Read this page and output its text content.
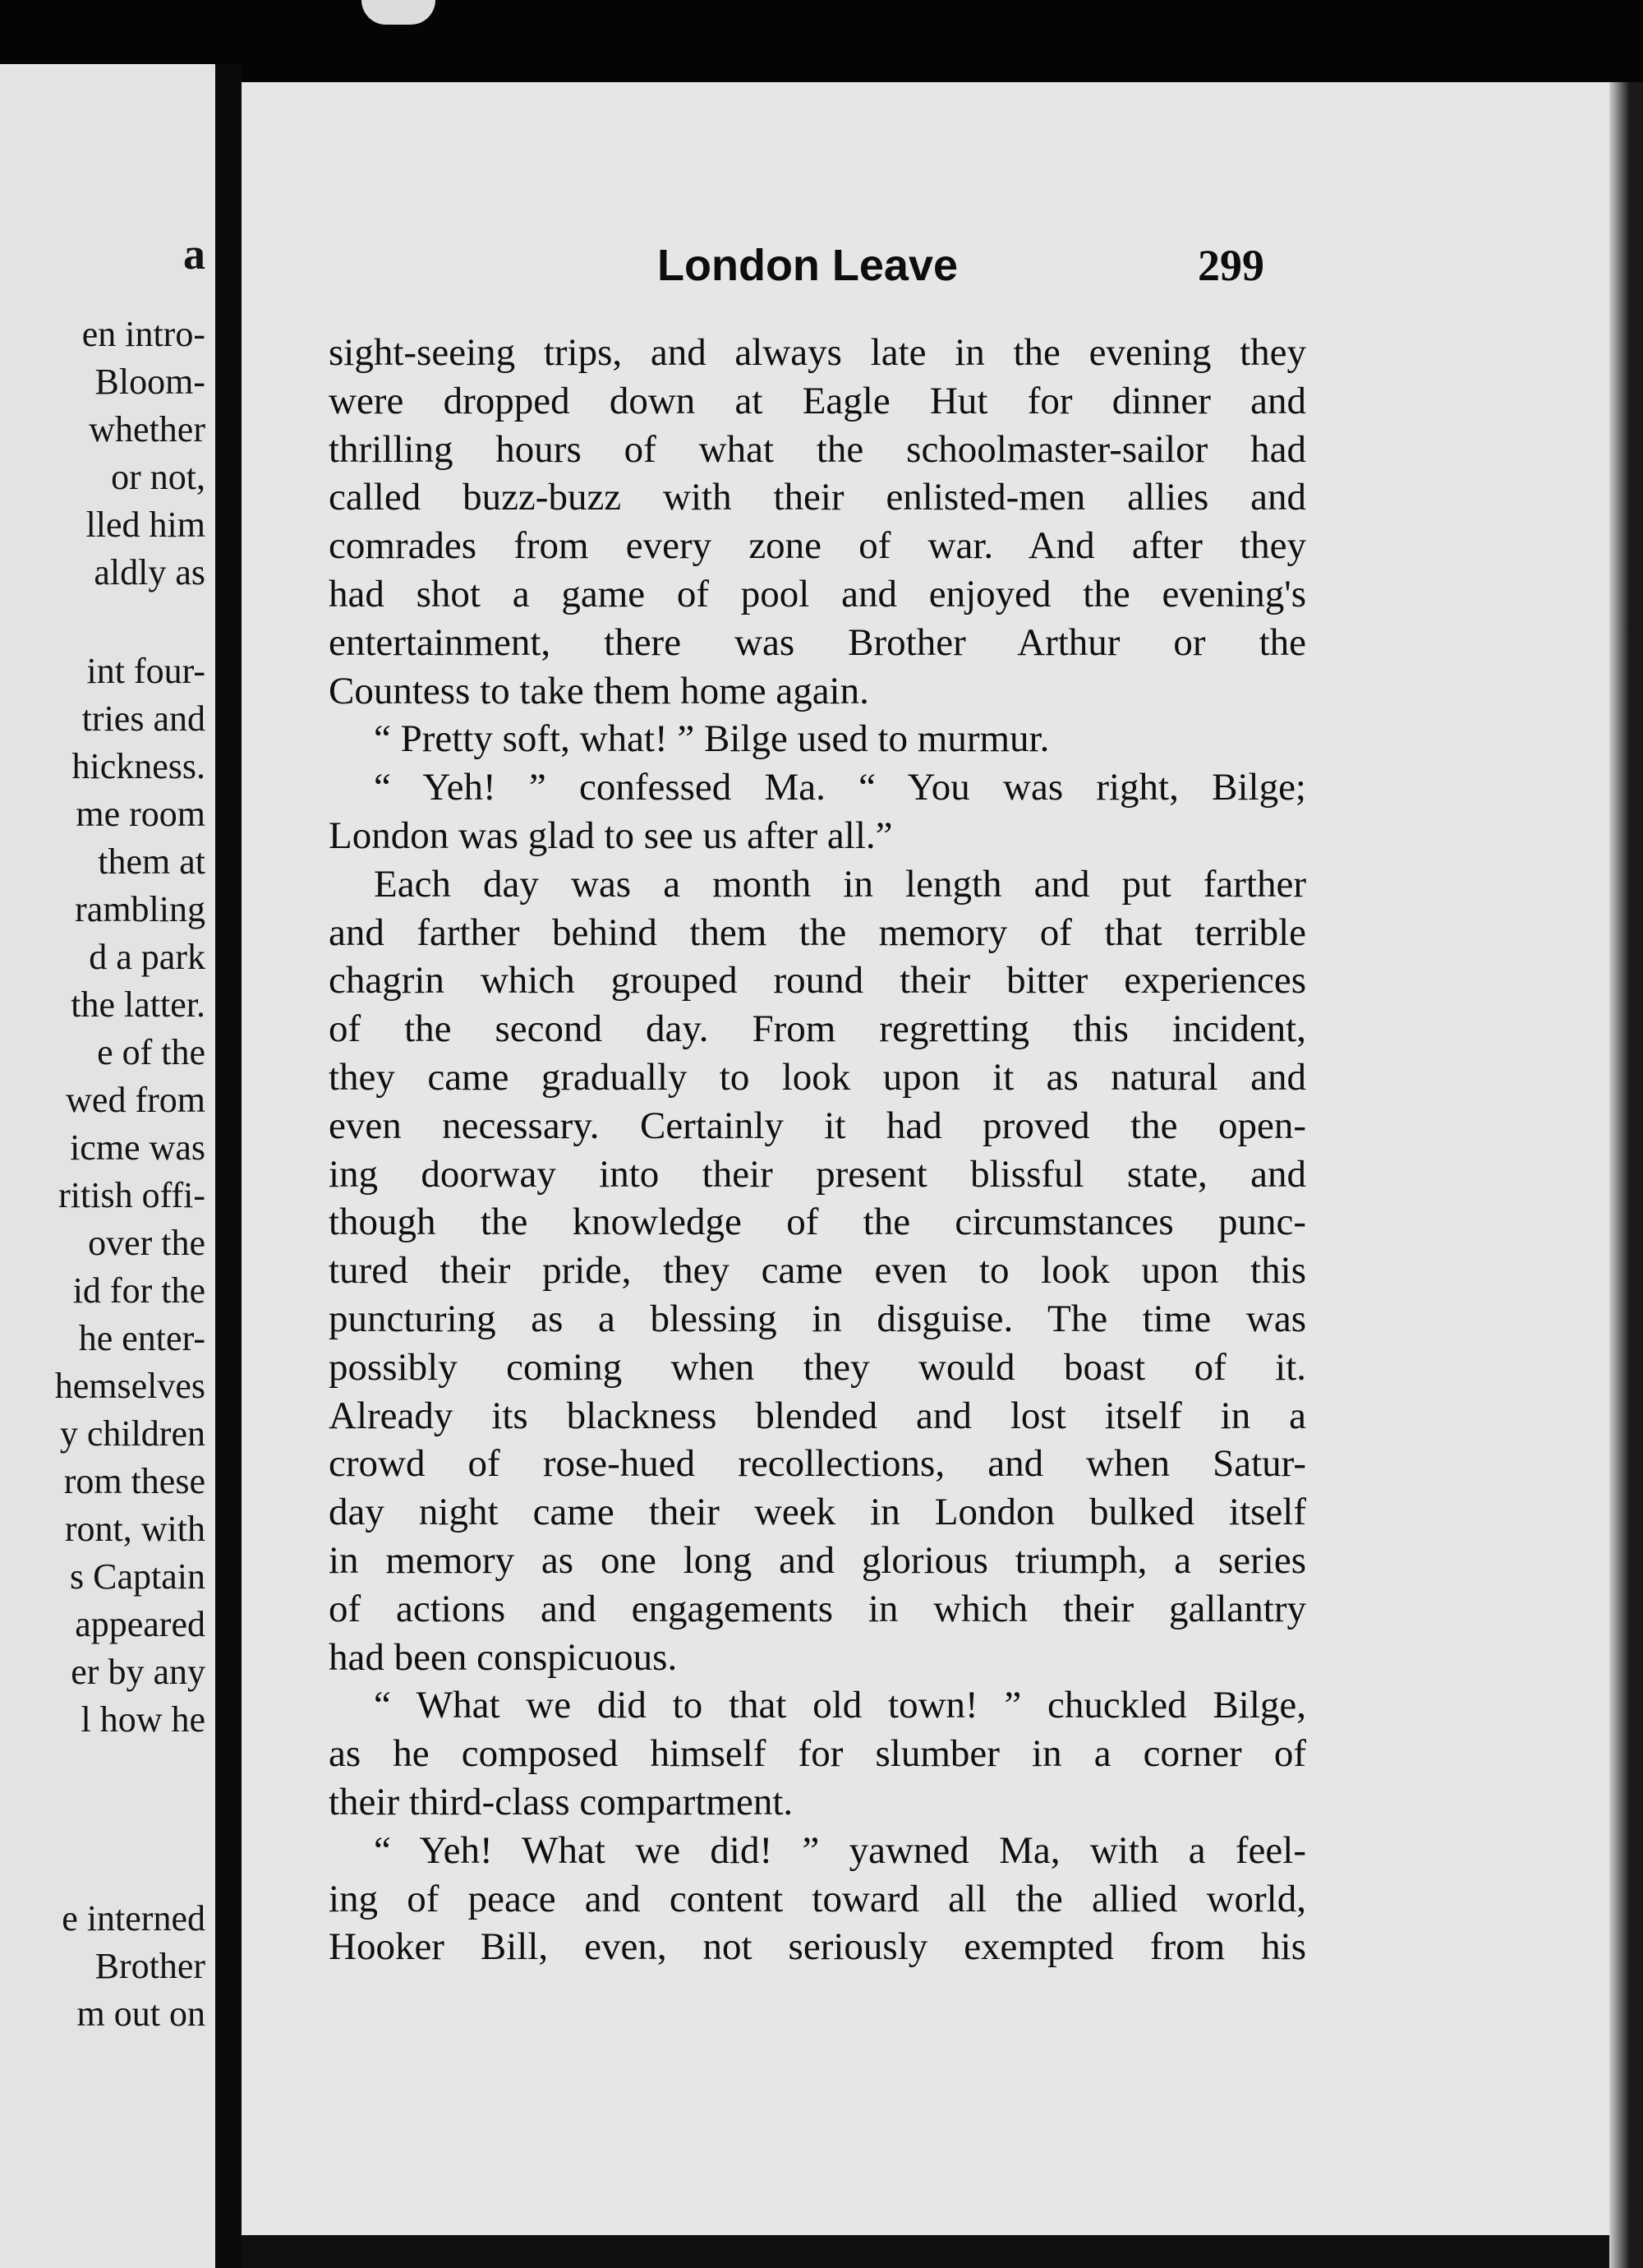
a
en intro-
Bloom-
whether
or not,
lled him
aldly as
int four-
tries and
hickness.
me room
them at
rambling
d a park
the latter.
e of the
wed from
icme was
ritish offi-
over the
id for the
he enter-
hemselves
y children
rom these
ront, with
s Captain
appeared
er by any
l how he
e interned
Brother
m out on
London Leave	299
sight-seeing trips, and always late in the evening they
were dropped down at Eagle Hut for dinner and
thrilling hours of what the schoolmaster-sailor had
called buzz-buzz with their enlisted-men allies and
comrades from every zone of war. And after they
had shot a game of pool and enjoyed the evening's
entertainment, there was Brother Arthur or the
Countess to take them home again.
“ Pretty soft, what! ” Bilge used to murmur.
“ Yeh! ” confessed Ma. “ You was right, Bilge;
London was glad to see us after all.”
Each day was a month in length and put farther
and farther behind them the memory of that terrible
chagrin which grouped round their bitter experiences
of the second day. From regretting this incident,
they came gradually to look upon it as natural and
even necessary. Certainly it had proved the open-
ing doorway into their present blissful state, and
though the knowledge of the circumstances punc-
tured their pride, they came even to look upon this
puncturing as a blessing in disguise. The time was
possibly coming when they would boast of it.
Already its blackness blended and lost itself in a
crowd of rose-hued recollections, and when Satur-
day night came their week in London bulked itself
in memory as one long and glorious triumph, a series
of actions and engagements in which their gallantry
had been conspicuous.
“ What we did to that old town! ” chuckled Bilge,
as he composed himself for slumber in a corner of
their third-class compartment.
“ Yeh! What we did! ” yawned Ma, with a feel-
ing of peace and content toward all the allied world,
Hooker Bill, even, not seriously exempted from his
